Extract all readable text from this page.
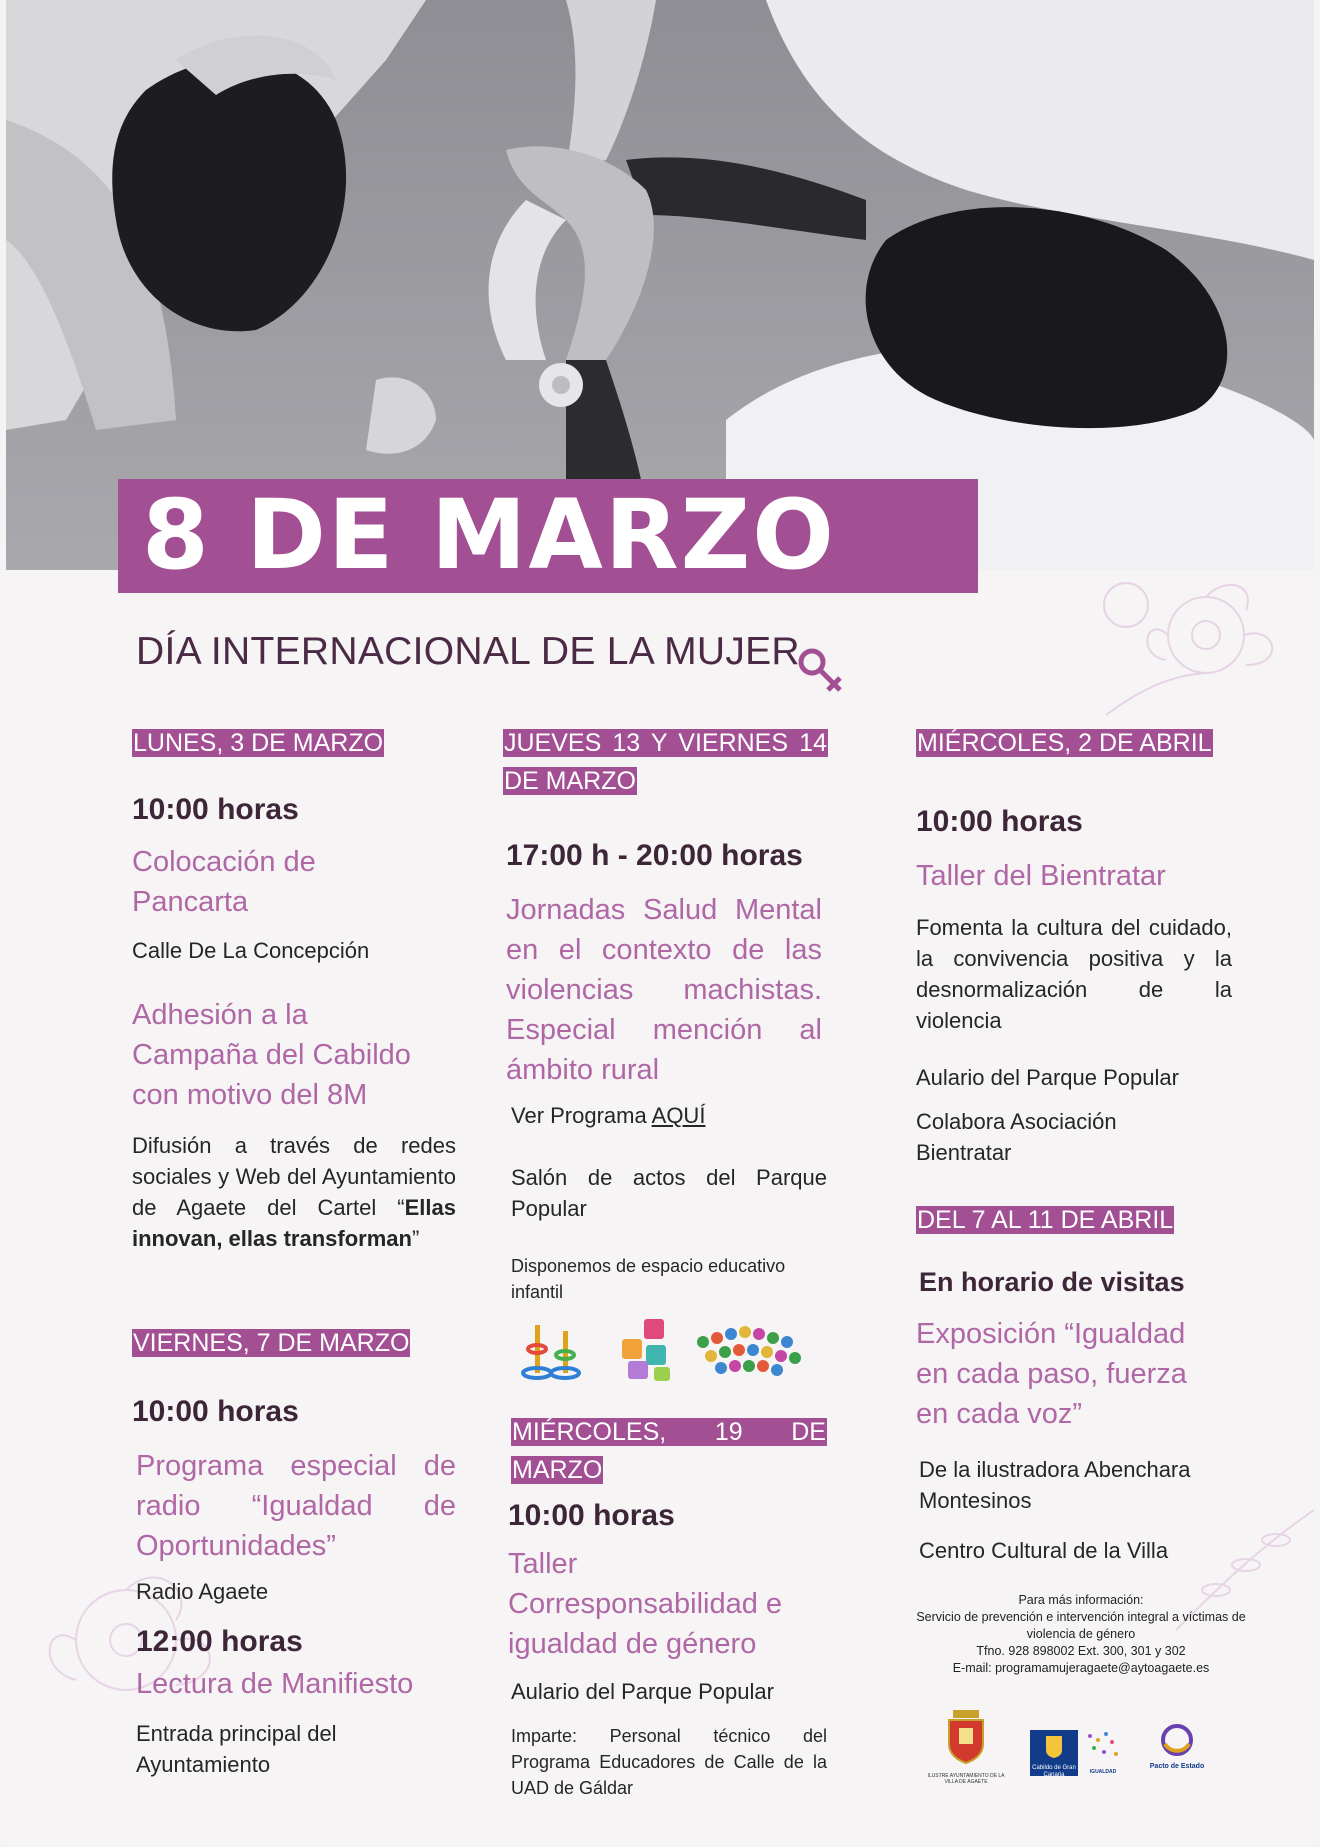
8 DE MARZO
DÍA INTERNACIONAL DE LA MUJER
LUNES, 3 DE MARZO

10:00 horas

Colocación de Pancarta

Calle De La Concepción

Adhesión a la Campaña del Cabildo con motivo del 8M

Difusión a través de redes sociales y Web del Ayuntamiento de Agaete del Cartel “Ellas innovan, ellas transforman”

VIERNES, 7 DE MARZO

10:00 horas

Programa especial de radio “Igualdad de Oportunidades”

Radio Agaete

12:00 horas

Lectura de Manifiesto

Entrada principal del Ayuntamiento

JUEVES 13 Y VIERNES 14 DE MARZO

17:00 h - 20:00 horas

Jornadas Salud Mental en el contexto de las violencias machistas. Especial mención al ámbito rural

Ver Programa AQUÍ

Salón de actos del Parque Popular

Disponemos de espacio educativo infantil

MIÉRCOLES, 19 DE MARZO

10:00 horas

Taller Corresponsabilidad e igualdad de género

Aulario del Parque Popular

Imparte: Personal técnico del Programa Educadores de Calle de la UAD de Gáldar

MIÉRCOLES, 2 DE ABRIL

10:00 horas

Taller del Bientratar

Fomenta la cultura del cuidado, la convivencia positiva y la desnormalización de la violencia

Aulario del Parque Popular

Colabora Asociación Bientratar

DEL 7 AL 11 DE ABRIL

En horario de visitas

Exposición “Igualdad en cada paso, fuerza en cada voz”

De la ilustradora Abenchara Montesinos

Centro Cultural de la Villa

Para más información:
Servicio de prevención e intervención integral a víctimas de violencia de género
Tfno. 928 898002 Ext. 300, 301 y 302
E-mail: programamujeragaete@aytoagaete.es
ILUSTRE AYUNTAMIENTO DE LA VILLA DE AGAETE
Cabildo de Gran Canaria	IGUALDAD
Pacto de Estado
